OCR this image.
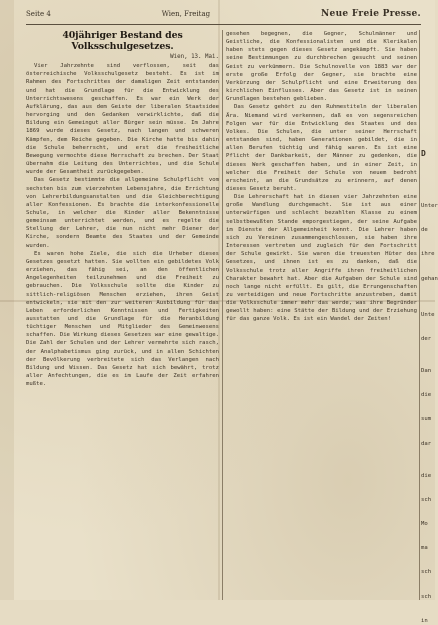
Seite 4	Wien, Freitag	Neue Freie Presse.
40jähriger Bestand des Volksschulgesetzes.
Wien, 13. Mai.

Vier Jahrzehnte sind verflossen, seit das österreichische Volksschulgesetz besteht. Es ist im Rahmen des Fortschrittes der damaligen Zeit entstanden und hat die Grundlage für die Entwicklung des Unterrichtswesens geschaffen. Es war ein Werk der Aufklärung, das aus dem Geiste der liberalen Staatsidee hervorging und den Gedanken verwirklichte, daß die Bildung ein Gemeingut aller Bürger sein müsse. Im Jahre 1869 wurde dieses Gesetz, nach langen und schweren Kämpfen, dem Reiche gegeben. Die Kirche hatte bis dahin die Schule beherrscht, und erst die freiheitliche Bewegung vermochte diese Herrschaft zu brechen. Der Staat übernahm die Leitung des Unterrichtes, und die Schule wurde der Gesamtheit zurückgegeben.

Das Gesetz bestimmte die allgemeine Schulpflicht vom sechsten bis zum vierzehnten Lebensjahre, die Errichtung von Lehrerbildungsanstalten und die Gleichberechtigung aller Konfessionen. Es brachte die interkonfessionelle Schule, in welcher die Kinder aller Bekenntnisse gemeinsam unterrichtet werden, und es regelte die Stellung der Lehrer, die nun nicht mehr Diener der Kirche, sondern Beamte des Staates und der Gemeinde wurden.

Es waren hohe Ziele, die sich die Urheber dieses Gesetzes gesetzt hatten. Sie wollten ein gebildetes Volk erziehen, das fähig sei, an den öffentlichen Angelegenheiten teilzunehmen und die Freiheit zu gebrauchen. Die Volksschule sollte die Kinder zu sittlich-religiösen Menschen erziehen, ihren Geist entwickeln, sie mit den zur weiteren Ausbildung für das Leben erforderlichen Kenntnissen und Fertigkeiten ausstatten und die Grundlage für die Heranbildung tüchtiger Menschen und Mitglieder des Gemeinwesens schaffen. Die Wirkung dieses Gesetzes war eine gewaltige. Die Zahl der Schulen und der Lehrer vermehrte sich rasch, der Analphabetismus ging zurück, und in allen Schichten der Bevölkerung verbreitete sich das Verlangen nach Bildung und Wissen. Das Gesetz hat sich bewährt, trotz aller Anfechtungen, die es im Laufe der Zeit erfahren mußte.

gesehen begegnen, die Gegner, Schulmänner und Geistliche, die Konfessionalisten und die Klerikalen haben stets gegen dieses Gesetz angekämpft. Sie haben seine Bestimmungen zu durchbrechen gesucht und seinen Geist zu verkümmern. Die Schulnovelle von 1883 war der erste große Erfolg der Gegner, sie brachte eine Verkürzung der Schulpflicht und eine Erweiterung des kirchlichen Einflusses. Aber das Gesetz ist in seinen Grundlagen bestehen geblieben.

Das Gesetz gehört zu den Ruhmestiteln der liberalen Ära. Niemand wird verkennen, daß es von segensreichen Folgen war für die Entwicklung des Staates und des Volkes. Die Schulen, die unter seiner Herrschaft entstanden sind, haben Generationen gebildet, die in allen Berufen tüchtig und fähig waren. Es ist eine Pflicht der Dankbarkeit, der Männer zu gedenken, die dieses Werk geschaffen haben, und in einer Zeit, in welcher die Freiheit der Schule von neuem bedroht erscheint, an die Grundsätze zu erinnern, auf denen dieses Gesetz beruht.

Die Lehrerschaft hat in diesen vier Jahrzehnten eine große Wandlung durchgemacht. Sie ist aus einer unterwürfigen und schlecht bezahlten Klasse zu einem selbstbewußten Stande emporgestiegen, der seine Aufgabe im Dienste der Allgemeinheit kennt. Die Lehrer haben sich zu Vereinen zusammengeschlossen, sie haben ihre Interessen vertreten und zugleich für den Fortschritt der Schule gewirkt. Sie waren die treuesten Hüter des Gesetzes, und ihnen ist es zu danken, daß die Volksschule trotz aller Angriffe ihren freiheitlichen Charakter bewahrt hat. Aber die Aufgaben der Schule sind noch lange nicht erfüllt. Es gilt, die Errungenschaften zu verteidigen und neue Fortschritte anzustreben, damit die Volksschule immer mehr das werde, was ihre Begründer gewollt haben: eine Stätte der Bildung und der Erziehung für das ganze Volk. Es ist ein Wandel der Zeiten!

D
Unter
de
ihre
gehan
Unte
der
Dan
die
sum
dar
die
sch
Mo
ma
sch
sch
in
